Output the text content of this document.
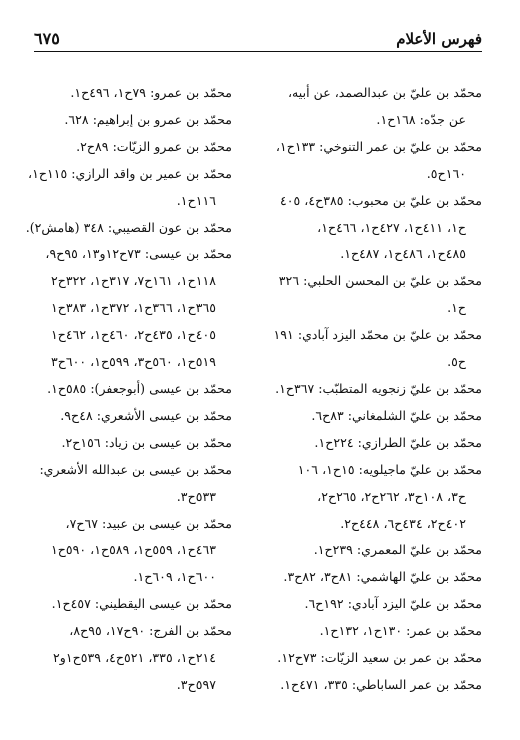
فهرس الأعلام
٦٧٥
محمّد بن عليّ بن عبدالصمد، عن أبيه،
عن جدّه: ١٦٨ح١.
محمّد بن عليّ بن عمر التنوخي: ١٣٣ح١،
١٦٠ح٥.
محمّد بن عليّ بن محبوب: ٣٨٥ح٤، ٤٠٥
ح١، ٤١١ح١، ٤٢٧ح١، ٤٦٦ح١،
٤٨٥ح١، ٤٨٦ح١، ٤٨٧ح١.
محمّد بن عليّ بن المحسن الحلبي: ٣٢٦
ح١.
محمّد بن عليّ بن محمّد اليزد آبادي: ١٩١
ح٥.
محمّد بن عليّ زنجويه المتطبّب: ٣٦٧ح١.
محمّد بن عليّ الشلمغاني: ٨٣ح٦.
محمّد بن عليّ الطرازي: ٢٢٤ح١.
محمّد بن عليّ ماجيلويه: ١٥ح١، ١٠٦
ح٣، ١٠٨ح٣، ٢٦٢ح٢، ٢٦٥ح٢،
٤٠٢ح٢، ٤٣٤ح٦، ٤٤٨ح٢.
محمّد بن عليّ المعمري: ٢٣٩ح١.
محمّد بن عليّ الهاشمي: ٨١ح٣، ٨٢ح٣.
محمّد بن عليّ اليزد آبادي: ١٩٢ح٦.
محمّد بن عمر: ١٣٠ح١، ١٣٢ح١.
محمّد بن عمر بن سعيد الزيّات: ٧٣ح١٢.
محمّد بن عمر الساباطي: ٣٣٥، ٤٧١ح١.
محمّد بن عمرو: ٧٩ح١، ٤٩٦ح١.
محمّد بن عمرو بن إبراهيم: ٦٢٨.
محمّد بن عمرو الزيّات: ٨٩ح٢.
محمّد بن عمير بن واقد الرازي: ١١٥ح١،
١١٦ح١.
محمّد بن عون القصيبي: ٣٤٨ (هامش٢).
محمّد بن عيسى: ٧٣ح١٢و١٣، ٩٥ح٩،
١١٨ح١، ١٦١ح٧، ٣١٧ح١، ٣٢٢ح٢
٣٦٥ح١، ٣٦٦ح١، ٣٧٢ح١، ٣٨٣ح١
٤٠٥ح١، ٤٣٥ح٢، ٤٦٠ح١، ٤٦٢ح١
٥١٩ح١، ٥٦٠ح٣، ٥٩٩ح١، ٦٠٠ح٣
محمّد بن عيسى (أبوجعفر): ٥٨٥ح١.
محمّد بن عيسى الأشعري: ٤٨ح٩.
محمّد بن عيسى بن زياد: ١٥٦ح٢.
محمّد بن عيسى بن عبدالله الأشعري:
٥٣٣ح٣.
محمّد بن عيسى بن عبيد: ٦٧ح٧،
٤٦٣ح١، ٥٥٩ح١، ٥٨٩ح١، ٥٩٠ح١
٦٠٠ح١، ٦٠٩ح١.
محمّد بن عيسى اليقطيني: ٤٥٧ح١.
محمّد بن الفرج: ٩٠ح١٧، ٩٥ح٨،
٢١٤ح١، ٣٣٥، ٥٢١ح٤، ٥٣٩ح١و٢
٥٩٧ح٣.
